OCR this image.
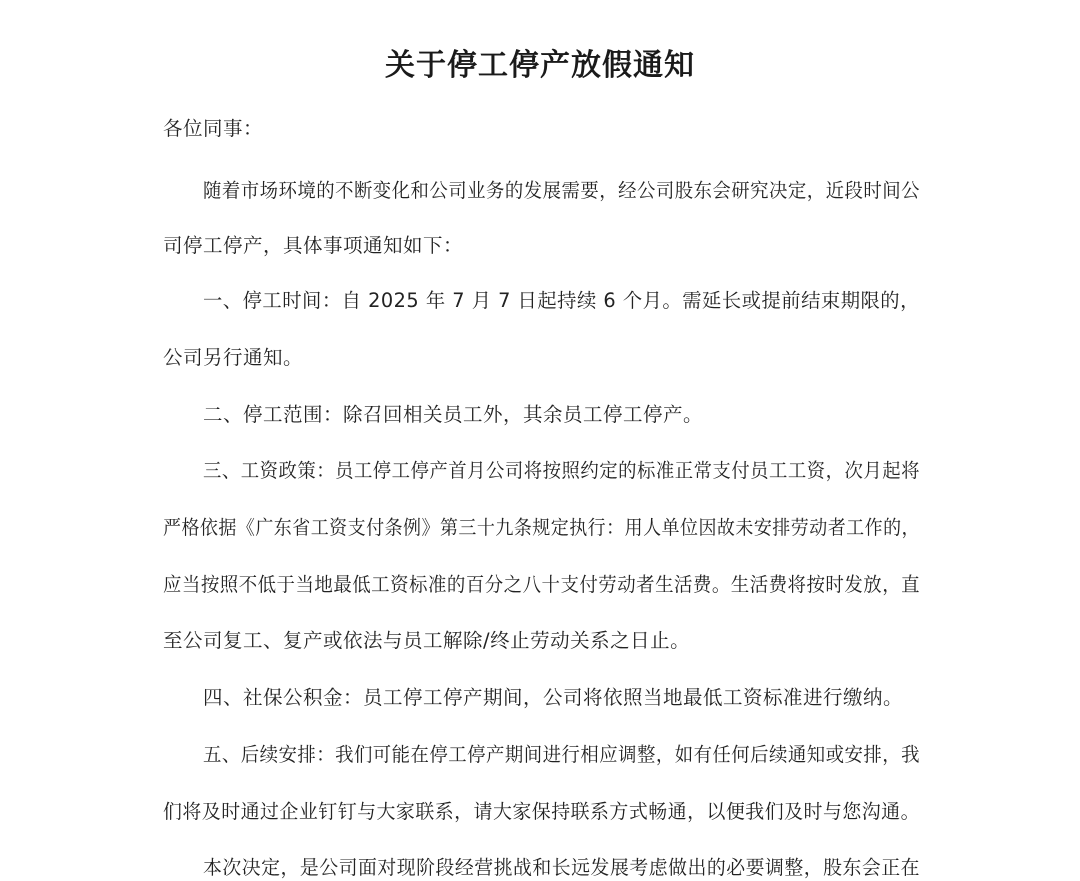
关于停工停产放假通知
各位同事：
随着市场环境的不断变化和公司业务的发展需要，经公司股东会研究决定，近段时间公
司停工停产，具体事项通知如下：
一、停工时间：自 2025 年 7 月 7 日起持续 6 个月。需延长或提前结束期限的，
公司另行通知。
二、停工范围：除召回相关员工外，其余员工停工停产。
三、工资政策：员工停工停产首月公司将按照约定的标准正常支付员工工资，次月起将
严格依据《广东省工资支付条例》第三十九条规定执行：用人单位因故未安排劳动者工作的，
应当按照不低于当地最低工资标准的百分之八十支付劳动者生活费。生活费将按时发放，直
至公司复工、复产或依法与员工解除/终止劳动关系之日止。
四、社保公积金：员工停工停产期间，公司将依照当地最低工资标准进行缴纳。
五、后续安排：我们可能在停工停产期间进行相应调整，如有任何后续通知或安排，我
们将及时通过企业钉钉与大家联系，请大家保持联系方式畅通，以便我们及时与您沟通。
本次决定，是公司面对现阶段经营挑战和长远发展考虑做出的必要调整，股东会正在
